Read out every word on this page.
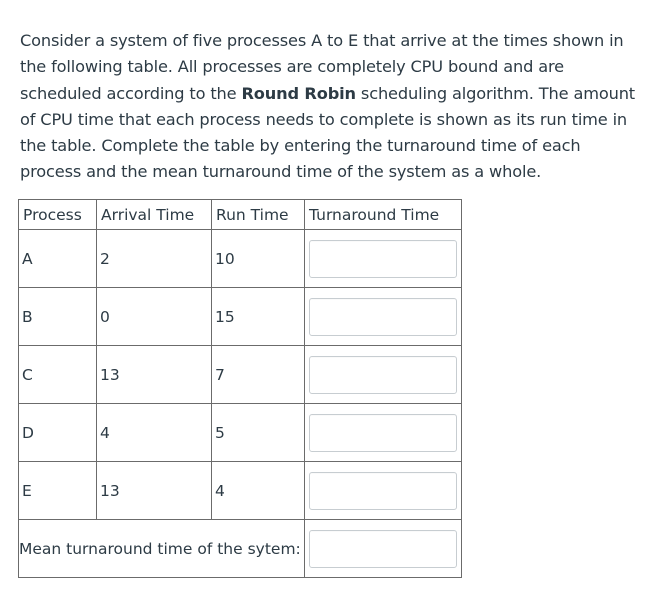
Consider a system of five processes A to E that arrive at the times shown in the following table. All processes are completely CPU bound and are scheduled according to the Round Robin scheduling algorithm. The amount of CPU time that each process needs to complete is shown as its run time in the table. Complete the table by entering the turnaround time of each process and the mean turnaround time of the system as a whole.

Process	Arrival Time	Run Time	Turnaround Time
A	2	10	

B	0	15	

C	13	7	

D	4	5	

E	13	4	

Mean turnaround time of the sytem:	
